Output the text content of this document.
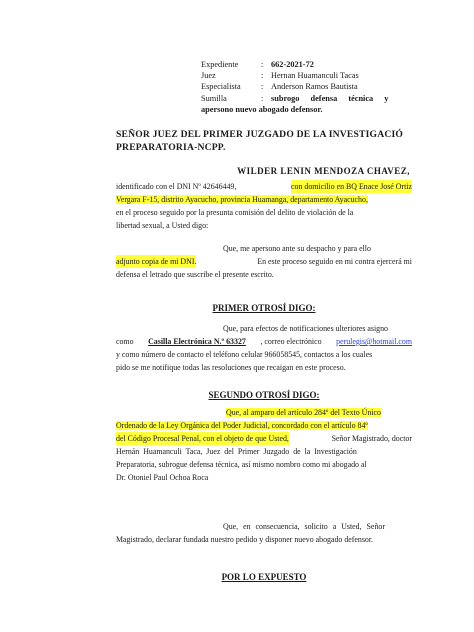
Expediente	: 662-2021-72
Juez	: Hernan Huamanculi Tacas
Especialista	: Anderson Ramos Bautista
Sumilla	: subrogo defensa técnica y
apersono nuevo abogado defensor.
SEÑOR JUEZ DEL PRIMER JUZGADO DE LA INVESTIGACIÓ
PREPARATORIA-NCPP.
WILDER LENIN MENDOZA CHAVEZ,
identificado con el DNI Nº 42646449,	con domicilio en BQ Enace José Ortiz
Vergara F-15, distrito Ayacucho, provincia Huamanga, departamento Ayacucho,
en el proceso seguido por la presunta comisión del delito de violación de la
libertad sexual, a Usted digo:
Que, me apersono ante su despacho y para ello
adjunto copia de mi DNI.	En este proceso seguido en mi contra ejercerá mi
defensa el letrado que suscribe el presente escrito.
PRIMER OTROSÍ DIGO:
Que, para efectos de notificaciones ulteriores asigno
como Casilla Electrónica N.º 63327 , correo electrónico perulegis@hotmail.com
y como número de contacto el teléfono celular 966058545, contactos a los cuales
pido se me notifique todas las resoluciones que recaigan en este proceso.
SEGUNDO OTROSÍ DIGO:
Que, al amparo del artículo 284º del Texto Único
Ordenado de la Ley Orgánica del Poder Judicial, concordado con el artículo 84º
del Código Procesal Penal, con el objeto de que Usted,	Señor Magistrado, doctor
Hernán Huamanculi Taca, Juez del Primer Juzgado de la Investigación
Preparatoria, subrogue defensa técnica, así mismo nombro como mi abogado al
Dr. Otoniel Paul Ochoa Roca
Que, en consecuencia, solicito a Usted, Señor
Magistrado, declarar fundada nuestro pedido y disponer nuevo abogado defensor.
POR LO EXPUESTO
